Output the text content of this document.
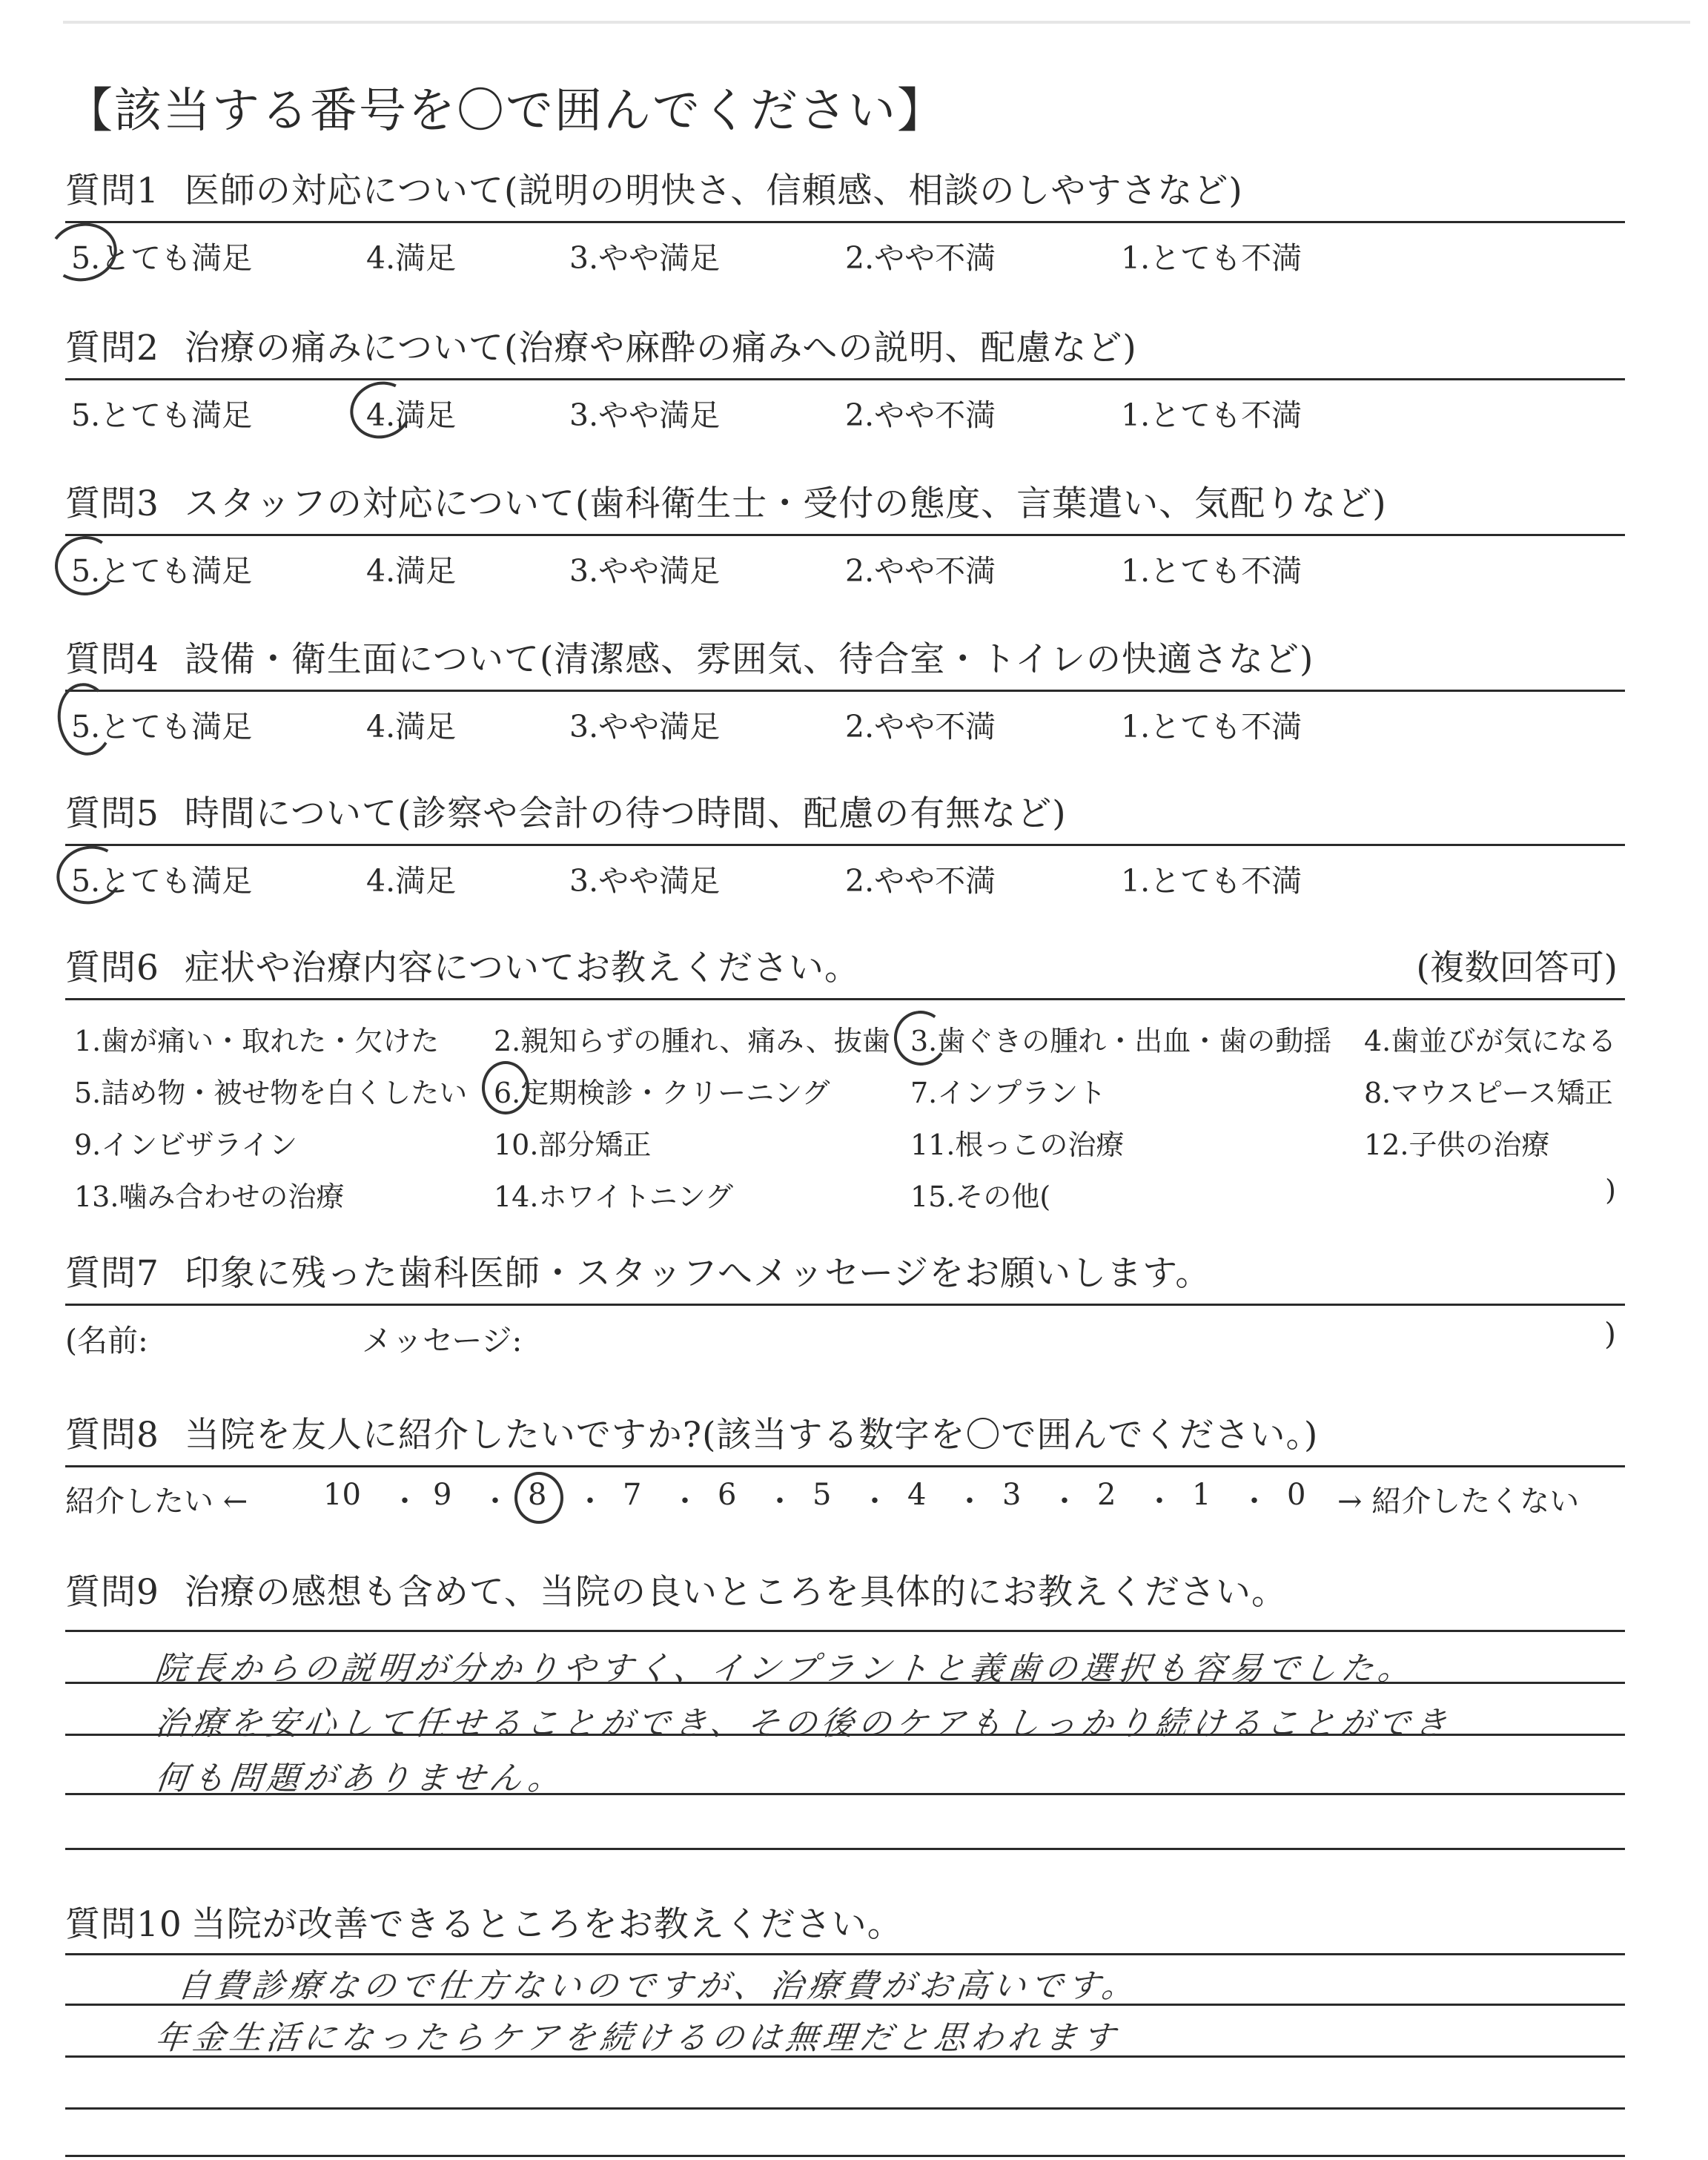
【該当する番号を〇で囲んでください】
質問1 医師の対応について(説明の明快さ、信頼感、相談のしやすさなど)
5.とても満足	4.満足	3.やや満足	2.やや不満	1.とても不満
質問2 治療の痛みについて(治療や麻酔の痛みへの説明、配慮など)
5.とても満足	4.満足	3.やや満足	2.やや不満	1.とても不満
質問3 スタッフの対応について(歯科衛生士・受付の態度、言葉遣い、気配りなど)
5.とても満足	4.満足	3.やや満足	2.やや不満	1.とても不満
質問4 設備・衛生面について(清潔感、雰囲気、待合室・トイレの快適さなど)
5.とても満足	4.満足	3.やや満足	2.やや不満	1.とても不満
質問5 時間について(診察や会計の待つ時間、配慮の有無など)
5.とても満足	4.満足	3.やや満足	2.やや不満	1.とても不満
質問6 症状や治療内容についてお教えください。	(複数回答可)
1.歯が痛い・取れた・欠けた 2.親知らずの腫れ、痛み、抜歯 3.歯ぐきの腫れ・出血・歯の動揺 4.歯並びが気になる
5.詰め物・被せ物を白くしたい 6.定期検診・クリーニング	7.インプラント	8.マウスピース矯正
9.インビザライン	10.部分矯正	11.根っこの治療	12.子供の治療
13.噛み合わせの治療	14.ホワイトニング	15.その他(	)
質問7 印象に残った歯科医師・スタッフへメッセージをお願いします。
(名前:	メッセージ:	)
質問8 当院を友人に紹介したいですか?(該当する数字を〇で囲んでください。)
紹介したい ←	10 ・ 9 ・ 8 ・ 7 ・ 6 ・ 5 ・ 4 ・ 3 ・ 2 ・ 1 ・ 0 → 紹介したくない
質問9 治療の感想も含めて、当院の良いところを具体的にお教えください。
院長からの説明が分かりやすく、インプラントと義歯の選択も容易でした。
治療を安心して任せることができ、その後のケアもしっかり続けることができ
何も問題がありません。
質問10 当院が改善できるところをお教えください。
自費診療なので仕方ないのですが、治療費がお高いです。
年金生活になったらケアを続けるのは無理だと思われます
